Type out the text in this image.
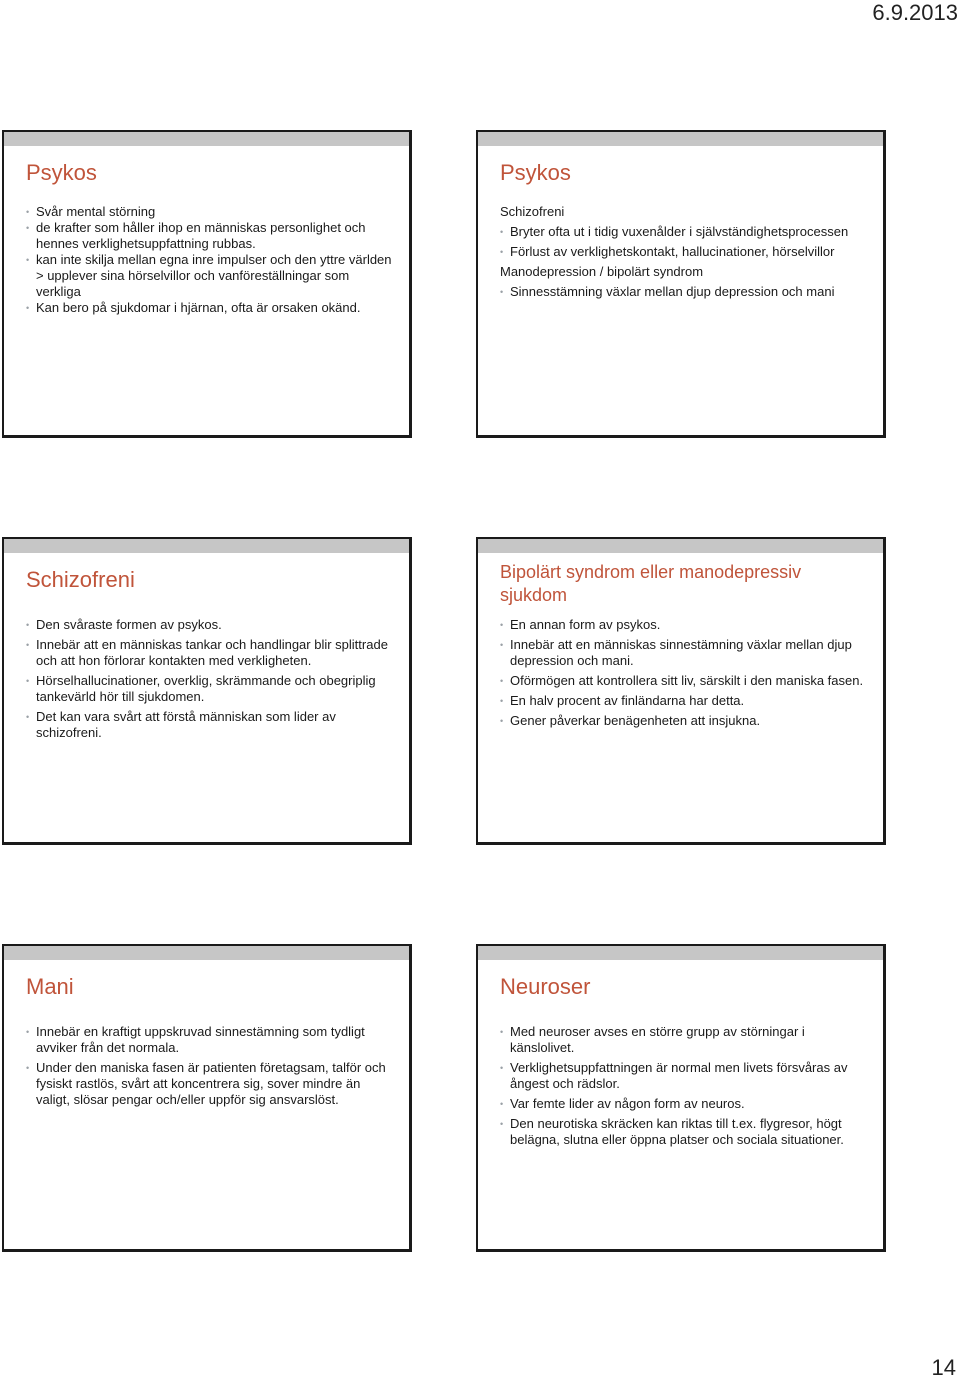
6.9.2013
Psykos
• Svår mental störning
• de krafter som håller ihop en människas personlighet och hennes verklighetsuppfattning rubbas.
• kan inte skilja mellan egna inre impulser och den yttre världen > upplever sina hörselvillor och vanföreställningar som verkliga
• Kan bero på sjukdomar i hjärnan, ofta är orsaken okänd.
Psykos
Schizofreni
• Bryter ofta ut i tidig vuxenålder i självständighetsprocessen
• Förlust av verklighetskontakt, hallucinationer, hörselvillor
Manodepression / bipolärt syndrom
• Sinnesstämning växlar mellan djup depression och mani
Schizofreni
• Den svåraste formen av psykos.
• Innebär att en människas tankar och handlingar blir splittrade och att hon förlorar kontakten med verkligheten.
• Hörselhallucinationer, overklig, skrämmande och obegriplig tankevärld hör till sjukdomen.
• Det kan vara svårt att förstå människan som lider av schizofreni.
Bipolärt syndrom eller manodepressiv sjukdom
• En annan form av psykos.
• Innebär att en människas sinnestämning växlar mellan djup depression och mani.
• Oförmögen att kontrollera sitt liv, särskilt i den maniska fasen.
• En halv procent av finländarna har detta.
• Gener påverkar benägenheten att insjukna.
Mani
• Innebär en kraftigt uppskruvad sinnestämning som tydligt avviker från det normala.
• Under den maniska fasen är patienten företagsam, talför och fysiskt rastlös, svårt att koncentrera sig, sover mindre än valigt, slösar pengar och/eller uppför sig ansvarslöst.
Neuroser
• Med neuroser avses en större grupp av störningar i känslolivet.
• Verklighetsuppfattningen är normal men livets försvåras av ångest och rädslor.
• Var femte lider av någon form av neuros.
• Den neurotiska skräcken kan riktas till t.ex. flygresor, högt belägna, slutna eller öppna platser och sociala situationer.
14
